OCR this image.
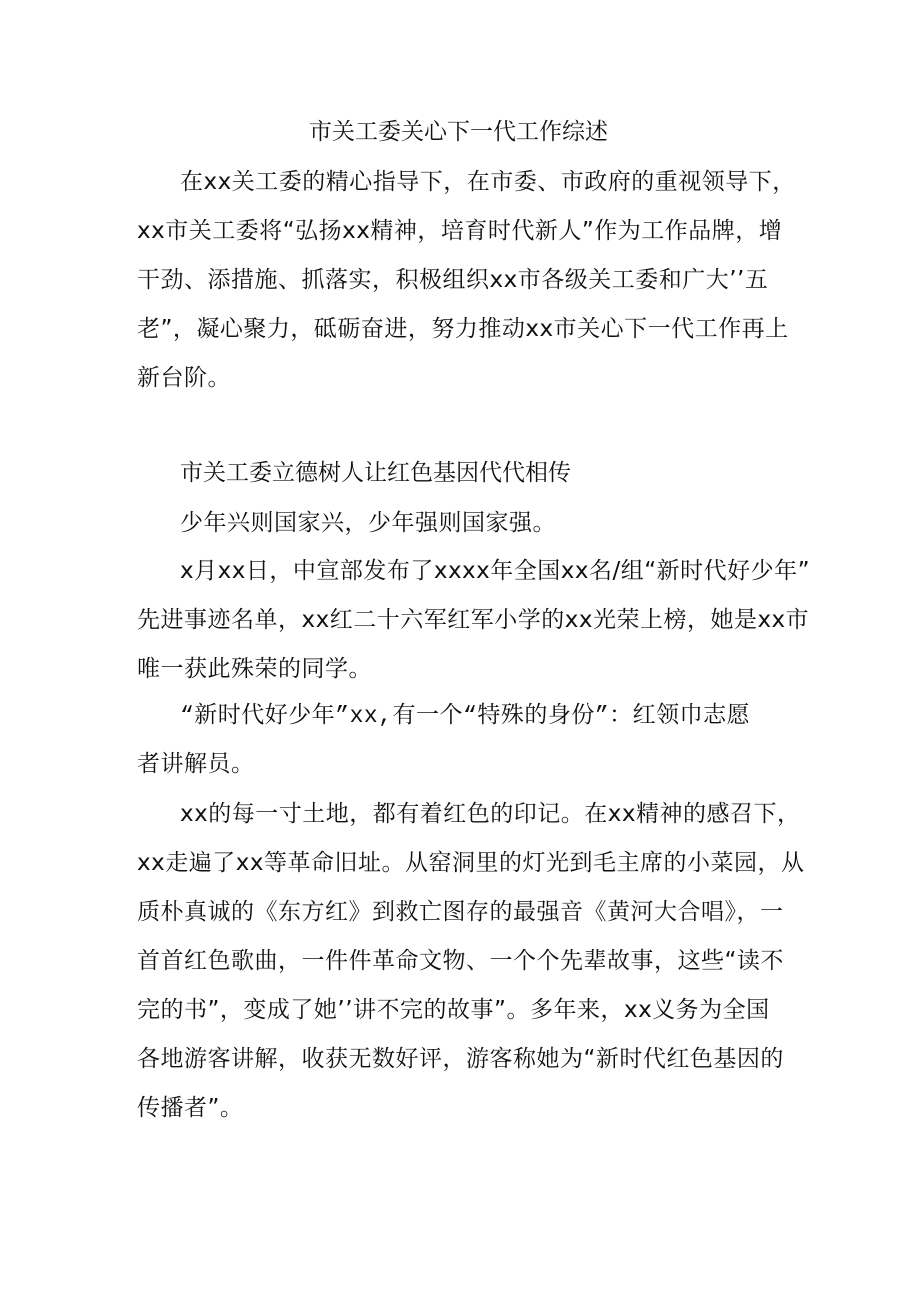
市关工委关心下一代工作综述
在xx关工委的精心指导下，在市委、市政府的重视领导下，
xx市关工委将“弘扬xx精神，培育时代新人”作为工作品牌，增
干劲、添措施、抓落实，积极组织xx市各级关工委和广大’’五
老”，凝心聚力，砥砺奋进，努力推动xx市关心下一代工作再上
新台阶。
市关工委立德树人让红色基因代代相传
少年兴则国家兴，少年强则国家强。
x月xx日，中宣部发布了xxxx年全国xx名/组“新时代好少年”
先进事迹名单，xx红二十六军红军小学的xx光荣上榜，她是xx市
唯一获此殊荣的同学。
“新时代好少年”xx,有一个“特殊的身份”：红领巾志愿
者讲解员。
xx的每一寸土地，都有着红色的印记。在xx精神的感召下，
xx走遍了xx等革命旧址。从窑洞里的灯光到毛主席的小菜园，从
质朴真诚的《东方红》到救亡图存的最强音《黄河大合唱》，一
首首红色歌曲，一件件革命文物、一个个先辈故事，这些“读不
完的书”，变成了她’’讲不完的故事”。多年来，xx义务为全国
各地游客讲解，收获无数好评，游客称她为“新时代红色基因的
传播者”。
